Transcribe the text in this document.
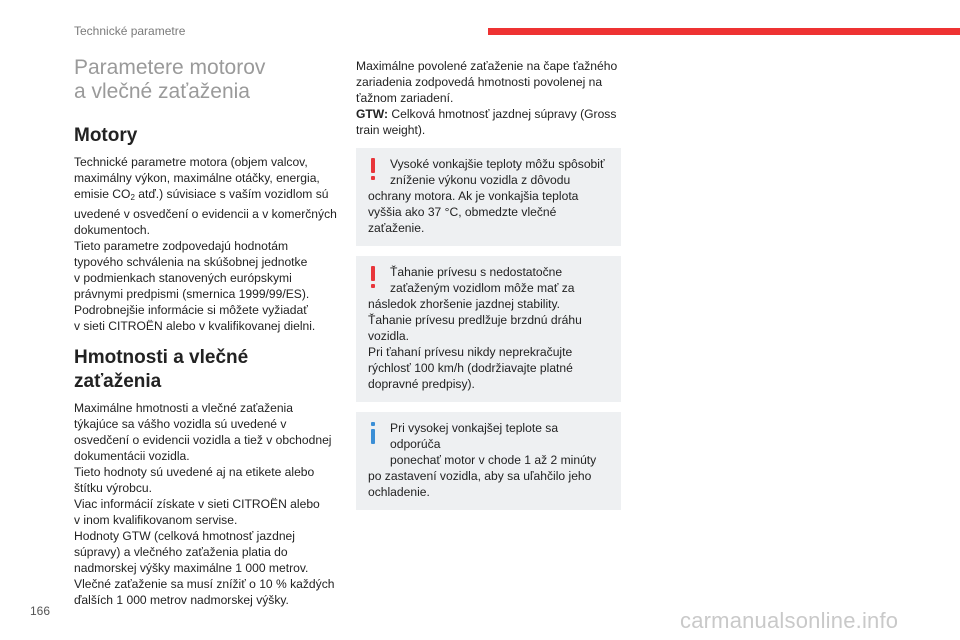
Technické parametre
Parametere motorov
a vlečné zaťaženia
Motory

Technické parametre motora (objem valcov,
maximálny výkon, maximálne otáčky, energia,
emisie $CO_2$ atď.) súvisiace s vaším vozidlom sú
uvedené v osvedčení o evidencii a v komerčných
dokumentoch.
Tieto parametre zodpovedajú hodnotám
typového schválenia na skúšobnej jednotke
v podmienkach stanovených európskymi
právnymi predpismi (smernica 1999/99/ES).
Podrobnejšie informácie si môžete vyžiadať
v sieti CITROËN alebo v kvalifikovanej dielni.

Hmotnosti a vlečné
zaťaženia

Maximálne hmotnosti a vlečné zaťaženia
týkajúce sa vášho vozidla sú uvedené v
osvedčení o evidencii vozidla a tiež v obchodnej
dokumentácii vozidla.
Tieto hodnoty sú uvedené aj na etikete alebo
štítku výrobcu.
Viac informácií získate v sieti CITROËN alebo
v inom kvalifikovanom servise.
Hodnoty GTW (celková hmotnosť jazdnej
súpravy) a vlečného zaťaženia platia do
nadmorskej výšky maximálne 1 000 metrov.
Vlečné zaťaženie sa musí znížiť o 10 % každých
ďalších 1 000 metrov nadmorskej výšky.

Maximálne povolené zaťaženie na čape ťažného
zariadenia zodpovedá hmotnosti povolenej na
ťažnom zariadení.
GTW: Celková hmotnosť jazdnej súpravy (Gross
train weight).

Vysoké vonkajšie teploty môžu spôsobiť
zníženie výkonu vozidla z dôvodu
ochrany motora. Ak je vonkajšia teplota
vyššia ako 37 °C, obmedzte vlečné
zaťaženie.

Ťahanie prívesu s nedostatočne
zaťaženým vozidlom môže mať za
následok zhoršenie jazdnej stability.
Ťahanie prívesu predlžuje brzdnú dráhu
vozidla.
Pri ťahaní prívesu nikdy neprekračujte
rýchlosť 100 km/h (dodržiavajte platné
dopravné predpisy).

Pri vysokej vonkajšej teplote sa odporúča
ponechať motor v chode 1 až 2 minúty
po zastavení vozidla, aby sa uľahčilo jeho
ochladenie.

166	carmanualsonline.info
